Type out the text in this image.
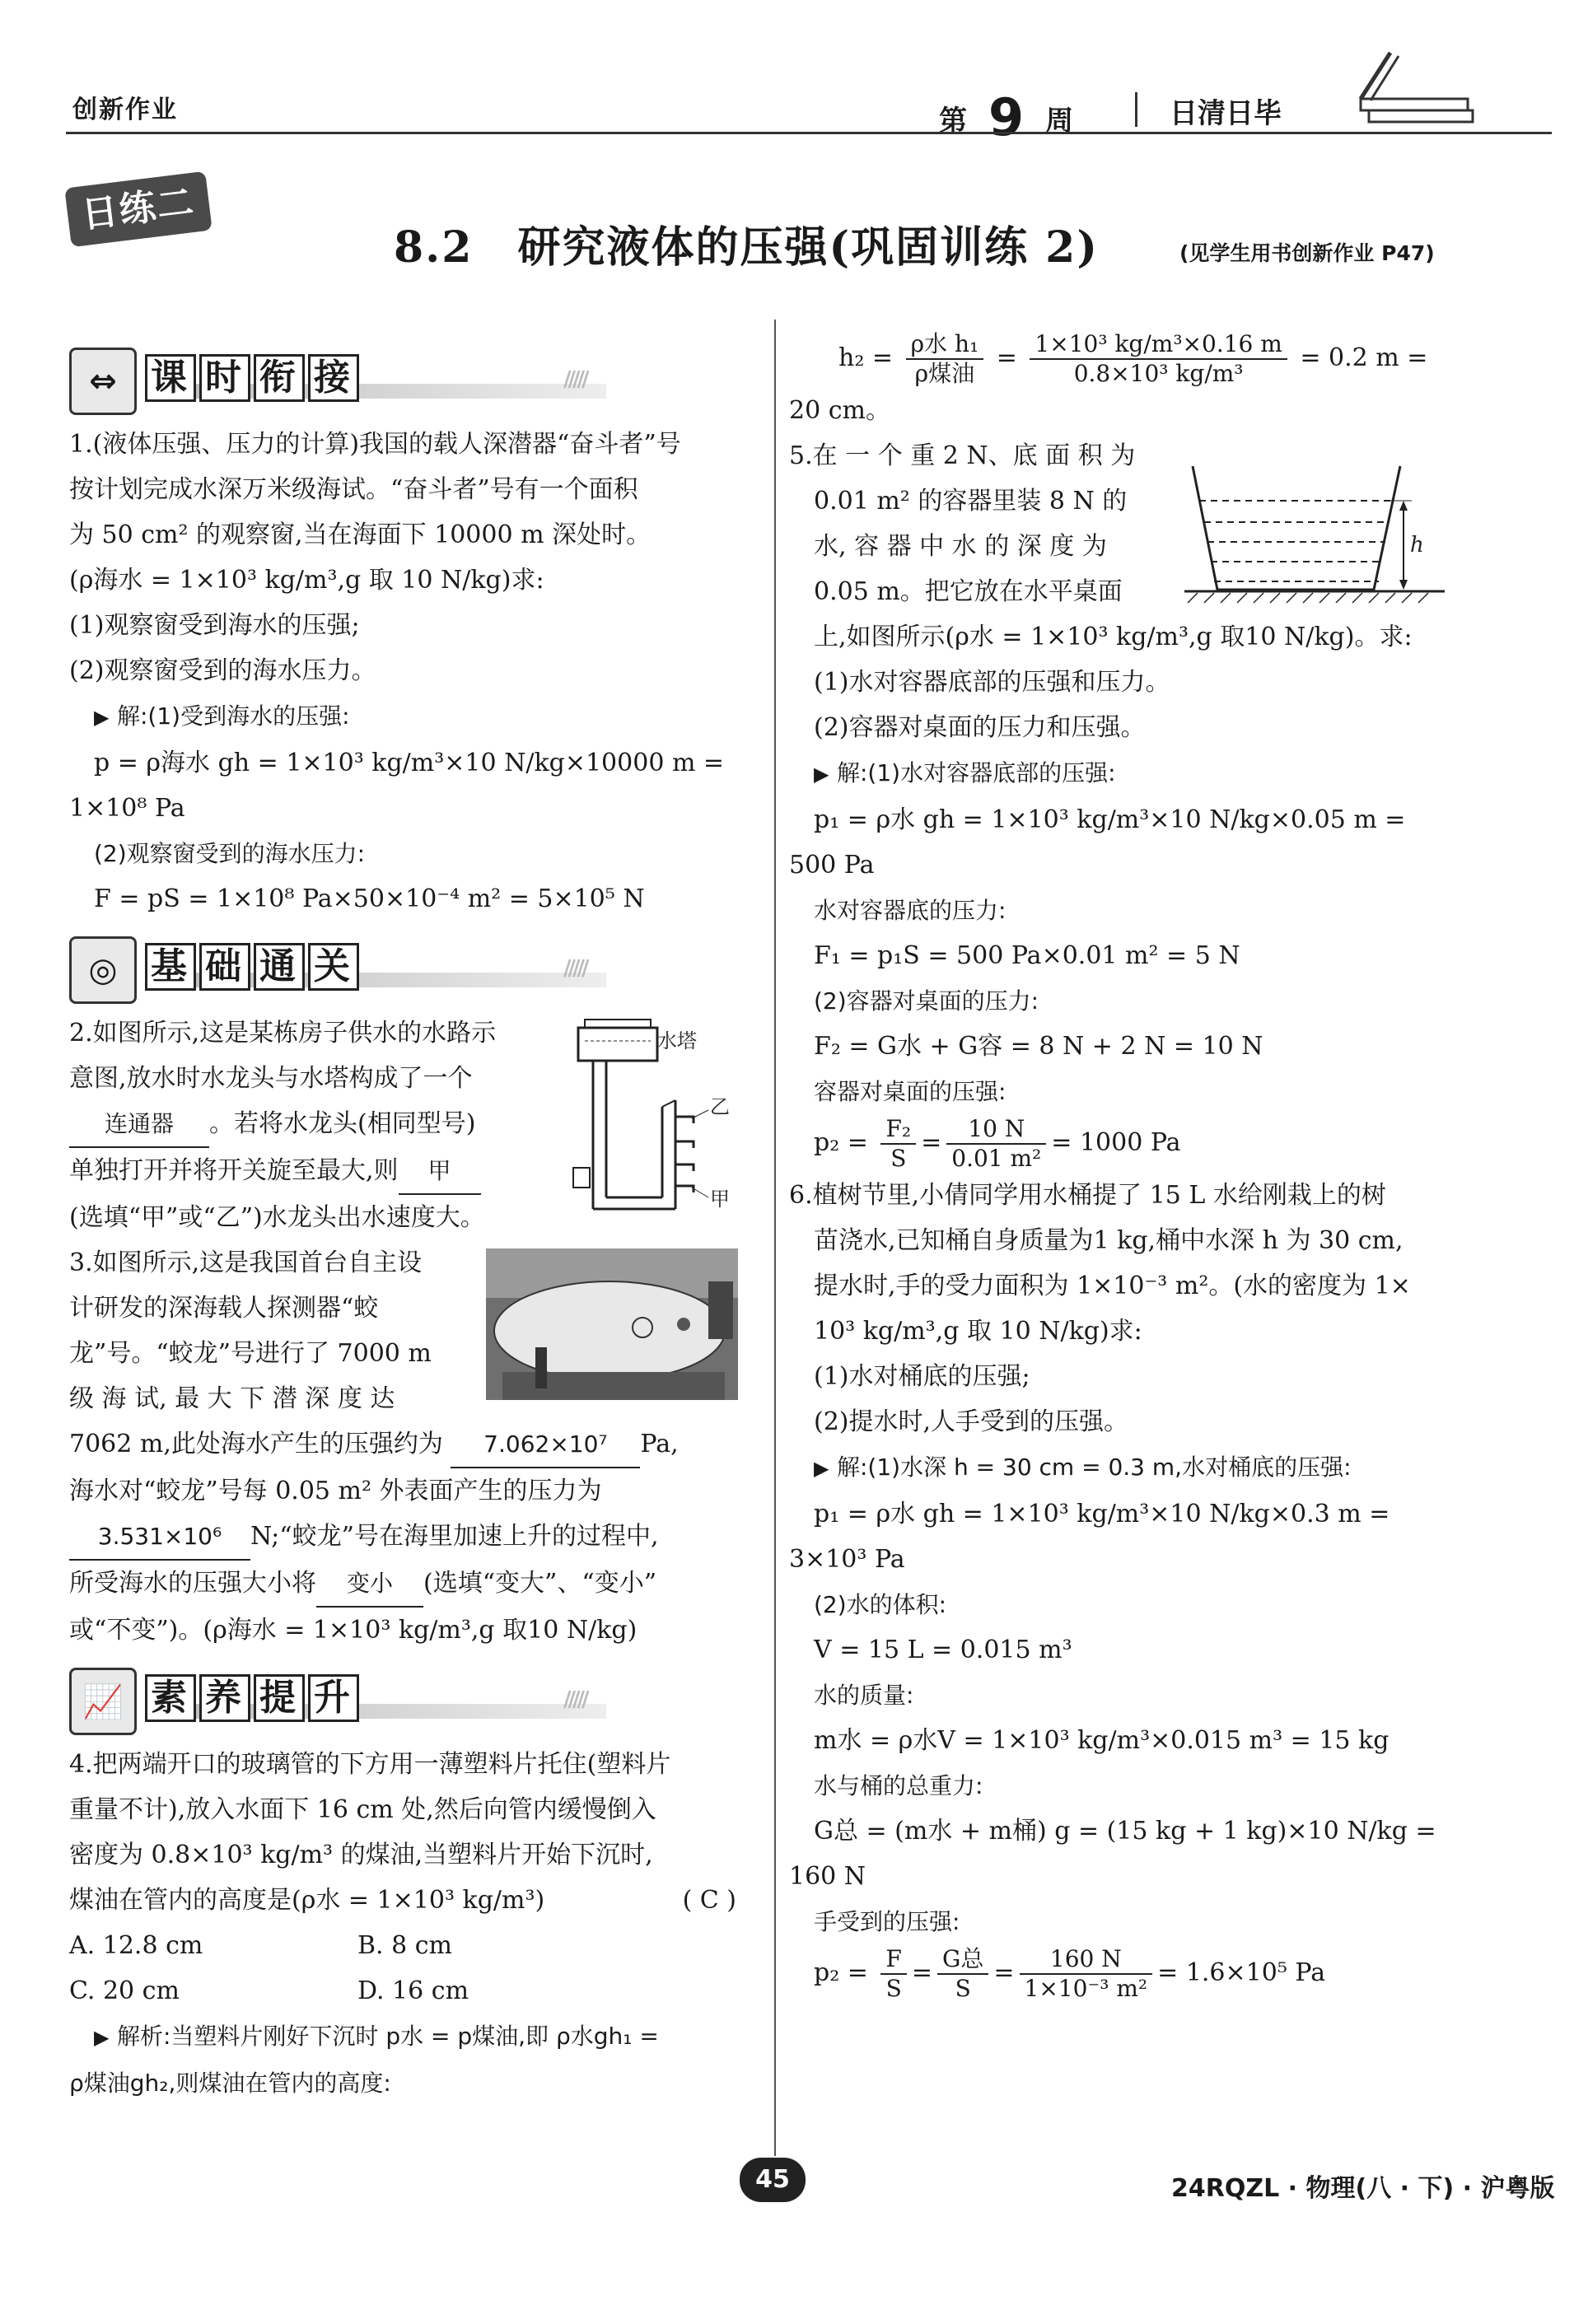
创新作业	第 9 周	日清日毕
日练二
8.2　研究液体的压强(巩固训练 2)	(见学生用书创新作业 P47)
⇔ 课 时 衔 接	/////

1.(液体压强、压力的计算)我国的载人深潜器“奋斗者”号

按计划完成水深万米级海试。“奋斗者”号有一个面积

为 50 cm² 的观察窗,当在海面下 10000 m 深处时。

(ρ海水 = 1×10³ kg/m³,g 取 10 N/kg)求:

(1)观察窗受到海水的压强;

(2)观察窗受到的海水压力。

▶ 解:(1)受到海水的压强:

p = ρ海水 gh = 1×10³ kg/m³×10 N/kg×10000 m =

1×10⁸ Pa

(2)观察窗受到的海水压力:

F = pS = 1×10⁸ Pa×50×10⁻⁴ m² = 5×10⁵ N

◎ 基 础 通 关	/////

2.如图所示,这是某栋房子供水的水路示

意图,放水时水龙头与水塔构成了一个

连通器 。若将水龙头(相同型号)

单独打开并将开关旋至最大,则 甲

(选填“甲”或“乙”)水龙头出水速度大。

3.如图所示,这是我国首台自主设

计研发的深海载人探测器“蛟

龙”号。“蛟龙”号进行了 7000 m

级 海 试, 最 大 下 潜 深 度 达

7062 m,此处海水产生的压强约为 7.062×10⁷ Pa,

海水对“蛟龙”号每 0.05 m² 外表面产生的压力为

3.531×10⁶ N;“蛟龙”号在海里加速上升的过程中,

所受海水的压强大小将 变小 (选填“变大”、“变小”

或“不变”)。(ρ海水 = 1×10³ kg/m³,g 取10 N/kg)

📈 素 养 提 升	/////

4.把两端开口的玻璃管的下方用一薄塑料片托住(塑料片

重量不计),放入水面下 16 cm 处,然后向管内缓慢倒入

密度为 0.8×10³ kg/m³ 的煤油,当塑料片开始下沉时,

煤油在管内的高度是(ρ水 = 1×10³ kg/m³)	( C )

A. 12.8 cm	B. 8 cm

C. 20 cm	D. 16 cm

▶ 解析:当塑料片刚好下沉时 p水 = p煤油,即 ρ水gh₁ =

ρ煤油gh₂,则煤油在管内的高度:

水塔
乙
甲

$h_2 = \frac{\text{ρ水 h₁}}{\text{ρ煤油}} = \frac{\text{1×10³ kg/m³×0.16 m}}{\text{0.8×10³ kg/m³}} = 0.2$ m =

20 cm。

5.在 一 个 重 2 N、底 面 积 为

0.01 m² 的容器里装 8 N 的

水, 容 器 中 水 的 深 度 为

0.05 m。把它放在水平桌面

上,如图所示(ρ水 = 1×10³ kg/m³,g 取10 N/kg)。求:

(1)水对容器底部的压强和压力。

(2)容器对桌面的压力和压强。

▶ 解:(1)水对容器底部的压强:

p₁ = ρ水 gh = 1×10³ kg/m³×10 N/kg×0.05 m =

500 Pa

水对容器底的压力:

F₁ = p₁S = 500 Pa×0.01 m² = 5 N

(2)容器对桌面的压力:

F₂ = G水 + G容 = 8 N + 2 N = 10 N

容器对桌面的压强:

$p_2 = \frac{\text{F₂}}{S} = \frac{10 N}{\text{0.01 m²}} = 1000$ Pa

6.植树节里,小倩同学用水桶提了 15 L 水给刚栽上的树

苗浇水,已知桶自身质量为1 kg,桶中水深 h 为 30 cm,

提水时,手的受力面积为 1×10⁻³ m²。(水的密度为 1×

10³ kg/m³,g 取 10 N/kg)求:

(1)水对桶底的压强;

(2)提水时,人手受到的压强。

▶ 解:(1)水深 h = 30 cm = 0.3 m,水对桶底的压强:

p₁ = ρ水 gh = 1×10³ kg/m³×10 N/kg×0.3 m =

3×10³ Pa

(2)水的体积:

V = 15 L = 0.015 m³

水的质量:

m水 = ρ水V = 1×10³ kg/m³×0.015 m³ = 15 kg

水与桶的总重力:

G总 = (m水 + m桶) g = (15 kg + 1 kg)×10 N/kg =

160 N

手受到的压强:

$p_2 = \frac{F}{S} = \frac{\text{G总}}{S} = \frac{160 N}{\text{1×10⁻³ m²}} = 1.6\times 10^5$ Pa

h
45	24RQZL · 物理(八 · 下) · 沪粤版
